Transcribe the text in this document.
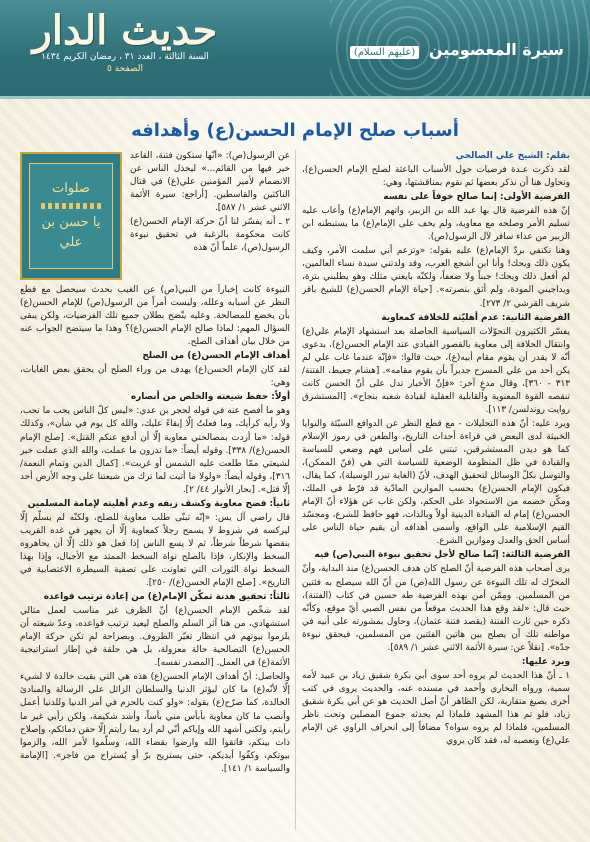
حديث الدار
السنة الثالثة ، العدد ٣١ ، رمضان الكريم ١٤٣٤
الصفحة ٥
سيرة المعصومين (عليهم السلام)
أسباب صلح الإمام الحسن(ع) وأهدافه

بقلم: الشيخ علي الصالحي

لقد ذكرت عـدة فرضيات حول الأسباب الباعثة لصلح الإمام الحسن(ع)، ونحاول هنا أن نذكر بعضها ثم نقوم بمناقشتها، وهي:

الفرضية الأولى: إنما صالح خوفاً على نفسه

إنّ هذه الفرضية قال بها عبد الله بن الزبير، واتهم الإمام(ع) وأعاب عليه تسليم الأمر وصلحه مع معاوية، ولم يخف على الإمام(ع) ما يستبطنه ابن الزبير من عداء سافر لآل الرسول(ص).

وهنا نكتفي بردّ الإمام(ع) عليه بقوله: «وتزعم أني سلمت الأمر، وكيف يكون ذلك ويحك! وأنا ابن أشجع العرب، وقد ولدتني سيدة نساء العالمين، لم أفعل ذلك ويحك! جبناً ولا ضعفاً، ولكنّه بايعني مثلك وهو يطلبني بترة، ويداجيني المودة، ولم أثق بنصرته». [حياة الإمام الحسن(ع) للشيخ باقر شريف القرشي ٢/ ٢٧٣].

الفرضية الثانية: عدم أهليّته للخلافة كمعاوية

يفسّر الكثيرون التحوّلات السياسية الحاصلة بعد استشهاد الإمام علي(ع) وانتقال الخلافة إلى معاوية بالقصور القيادي عند الإمام الحسن(ع)، بدعوى أنّه لا يقدر أن يقوم مقام أبيه(ع)، حيث قالوا: «فإنّه عندما غاب علي لم يكن أحد من علي المسرح جديراً بأن يقوم مقامه». [هشام جعيط، الفتنة/ ٣١٣ - ٣٦٠]، وقال مدعٍ آخر: «فإنّ الأخبار تدل على أنّ الحسن كانت تنقصه القوة المعنوية والقابلية العقلية لقيادة شعبه بنجاح». [المستشرق روايت روندلسن/ ١١٣].

ويرد عليه: أنّ هذه التحليلات - مع قطع النظر عن الدوافع السيّئة والنوايا الخبيثة لدى البعض في قراءة أحداث التاريخ، والطعن في رموز الإسلام كما هو ديدن المستشرقين، تبتني على أساس فهم وضعي للسياسة والقيادة في ظل المنظومة الوضعية للسياسة التي هي (فنّ الممكن)، والتوسل بكلّ الوسائل لتحقيق الهدف، لأنّ (الغاية تبرر الوسيلة)، كما يقال، فيكون الإمام الحسن(ع) بحسب الموازين المادّية قد فرّط في الملك، ومكّن خصمه من الاستحواذ على الحكم، ولكن غاب عن هؤلاء أنّ الإمام الحسن(ع) إمام له القيادة الدينية أولاً وبالذات، فهو حافظ للشرع، ومجسّد القيم الإسلامية على الواقع، وأسمى أهدافه أن يقيم حياة الناس على أساس الحق والعدل وموازين الشرع.

الفرضية الثالثة: إنّما صالح لأجل تحقيق نبوءة النبي(ص) فيه

يرى أصحاب هذه الفرضية أنّ الصلح كان هدف الحسن(ع) منذ البداية، وأنّ المحرّك له تلك النبوءة عن رسول الله(ص) من أنّ الله سيصلح به فئتين من المسلمين. ومِمّن أمن بهذه الفرضية طه حسين في كتاب (الفتنة)، حيث قال: «لقد وقع هذا الحديث موقعاً من نفس الصبي أيّ موقع، وكأنّه ذكره حين ثارت الفتنة (يقصد فتنة عثمان)، وحاول بمشورته على أبيه في مواطنه تلك أن يصلح بين هاتين الفئتين من المسلمين، فيحقق نبوءة جدّه». [نقلاً عن: سيرة الأئمة الاثني عشر ١/ ٥٨٩].

ويرد عليها:

١ ـ أنّ هذا الحديث لم يروه أحد سوى أبي بكرة شقيق زياد بن عبيد لأمه سمية، ورواه البخاري وأحمد في مسنده عنه، والحديث يروى في كتب أخرى بصيغ متقاربة، لكن الظاهر أنّ أصل الحديث هو عن أبي بكرة شقيق زياد، فلو تم هذا المشهد فلماذا لم يحدثه جموع المصلين وتحت ناظر المسلمين، فلماذا لم يروه سواه؟ مضافاً إلى انحراف الراوي عن الإمام علي(ع) وتعصبه له، فقد كان يروي

صلوات
يا حسن بن علي

عن الرسول(ص): «أنّها ستكون فتنة، القاعد خير فيها من القائم...» ليخذل الناس عن الانضمام لأمير المؤمنين علي(ع) في قتال الناكثين والقاسطين. [أراجع: سيرة الأئمة الاثني عشر ١/ ٥٨٧].

٢ ـ أنه يفسّر لنا أنّ حركة الإمام الحسن(ع) كانت محكومة بالرغبة في تحقيق نبوءة الرسول(ص)، علماً أنّ هذه

النبوءة كانت إخباراً من النبي(ص) عن الغيب بحدث سيحصل مع قطع النظر عن أسبابه وعلله، وليست أمراً من الرسول(ص) للإمام الحسن(ع) بأن يخضع للمصالحة. وعليه يتّضح بطلان جميع تلك الفرضيات، ولكن يبقى السؤال المهم: لماذا صالح الإمام الحسن(ع)؟ وهذا ما سيتضح الجواب عنه من خلال بيان أهداف الصلح.

أهداف الإمام الحسن(ع) من الصلح

لقد كان الإمام الحسن(ع) يهدف من وراء الصلح أن يحقق بعض الغايات، وهي:

أولاً: حفظ شيعته والخلص من أنصاره

وهو ما أفصح عنه في قوله لحجر بن عدي: «ليس كلّ الناس يحب ما تحب، ولا رأيه كرأيك، وما فعلتُ إلّا إبقاءً عليك، والله كل يوم في شأن»، وكذلك قوله: «ما أردت بمصالحتي معاوية إلّا أن أدفع عنكم القتل». [صلح الإمام الحسن(ع)/ ٣٣٨]. وقوله أيضاً: «ما تدرون ما عملت، والله الذي عملت خير لشيعتي ممّا طلعت عليه الشمس أو غربت». [كمال الدين وتمام النعمة/ ٣١٦]، وقوله أيضاً: «ولولا ما أتيت لما ترك من شيعتنا على وجه الأرض أحد إلّا قتل». [بحار الأنوار ٤٤/ ٢].

ثانياً: فضح معاوية وكشف زيفه وعدم أهليته لإمامة المسلمين

قال راضي آل يس: «إنّه تبنّى طلب معاوية للصلح، ولكنّه لم يسلّم إلّا ليركسه في شروط لا يسمح رجلاً كمعاوية إلّا أن يجهر في غده القريب بنقضها شرطاً شرطاً، ثم لا يسع الناس إذا فعل هو ذلك إلّا أن يحاهروه السخط والإنكار، فإذا بالصلح نواة السخط الممتد مع الأجيال، وإذا بهذا السخط نواة الثورات التي تعاونت على تصفية السيطرة الاغتصابية في التاريخ». [صلح الإمام الحسن(ع)/ ٢٥٠].

ثالثاً: تحقيق هدنة تمكّن الإمام(ع) من إعادة ترتيب قواعده

لقد شخّص الإمام الحسن(ع) أنّ الظرف غير مناسب لعمل مثالي استشهادي، من هنا آثر السلم والصلح ليعيد ترتيب قواعده، وعدّ شيعته أن يلزموا بيوتهم في انتظار تغيّر الظروف. وبصراحة لم تكن حركة الإمام الحسن(ع) التصالحية حالة معزولة، بل هي حلقة في إطار استراتيجية الأئمة(ع) في العمل. [المصدر نفسه].

والحاصل: أنّ أهداف الإمام الحسن(ع) هذه هي التي بقيت خالدة لا لشيء إلّا لأنّه(ع) ما كان ليؤثر الدنيا والسلطان الزائل على الرسالة والمبادئ الخالدة، كما صرّح(ع) بقوله: «ولو كنت بالحزم في أمر الدنيا وللدنيا أعمل وأنصب ما كان معاوية بأبأس مني بأساً، وأشد شكيمة، ولكن رأيي غير ما رأيتم، ولكني أشهد الله وإياكم أنّي لم أرد بما رأيتم إلّا حقن دمائكم، وإصلاح ذات بينكم، فاتقوا الله وارضوا بقضاء الله، وسلّموا لأمر الله، والزموا بيوتكم، وكفّوا أيديكم، حتى يستريح برّ أو يُستراح من فاجر». [الإمامة والسياسة ١/ ١٤١].
